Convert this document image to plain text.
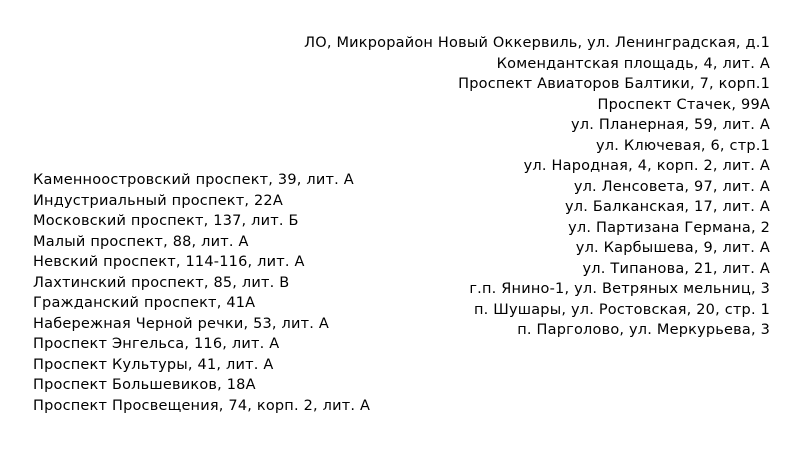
ЛО, Микрорайон Новый Оккервиль, ул. Ленинградская, д.1
Комендантская площадь, 4, лит. А
Проспект Авиаторов Балтики, 7, корп.1
Проспект Стачек, 99А
ул. Планерная, 59, лит. А
ул. Ключевая, 6, стр.1
ул. Народная, 4, корп. 2, лит. А
ул. Ленсовета, 97, лит. А
ул. Балканская, 17, лит. А
ул. Партизана Германа, 2
ул. Карбышева, 9, лит. А
ул. Типанова, 21, лит. А
г.п. Янино-1, ул. Ветряных мельниц, 3
п. Шушары, ул. Ростовская, 20, стр. 1
п. Парголово, ул. Меркурьева, 3
Каменноостровский проспект, 39, лит. А
Индустриальный проспект, 22А
Московский проспект, 137, лит. Б
Малый проспект, 88, лит. А
Невский проспект, 114-116, лит. А
Лахтинский проспект, 85, лит. В
Гражданский проспект, 41А
Набережная Черной речки, 53, лит. А
Проспект Энгельса, 116, лит. А
Проспект Культуры, 41, лит. А
Проспект Большевиков, 18А
Проспект Просвещения, 74, корп. 2, лит. А
